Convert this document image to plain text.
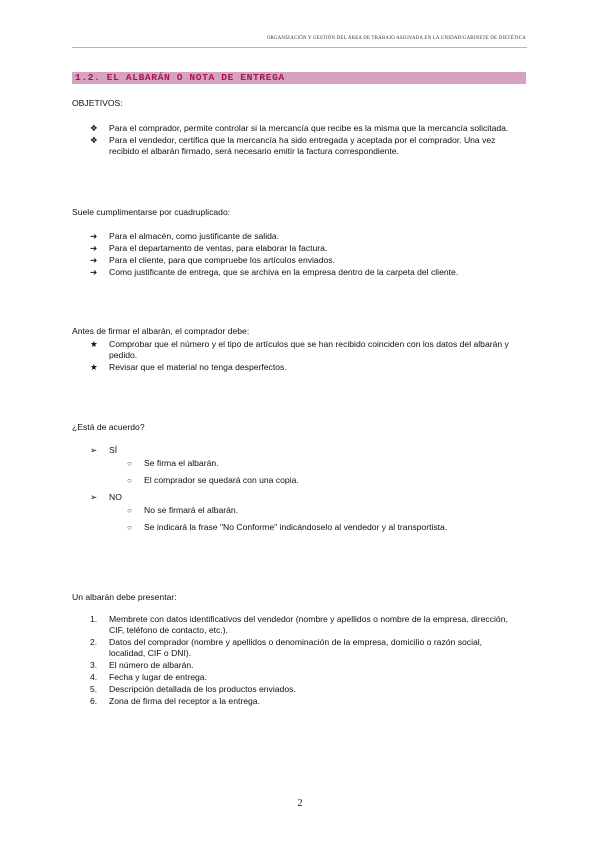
ORGANIZACIÓN Y GESTIÓN DEL ÁREA DE TRABAJO ASIGNADA EN LA UNIDAD/GABINETE DE DIETÉTICA
1.2. EL ALBARÁN O NOTA DE ENTREGA
OBJETIVOS:
❖	Para el comprador, permite controlar si la mercancía que recibe es la misma que la mercancía solicitada.
❖	Para el vendedor, certifica que la mercancía ha sido entregada y aceptada por el comprador. Una vez recibido el albarán firmado, será necesario emitir la factura correspondiente.
Suele cumplimentarse por cuadruplicado:
➔	Para el almacén, como justificante de salida.
➔	Para el departamento de ventas, para elaborar la factura.
➔	Para el cliente, para que compruebe los artículos enviados.
➔	Como justificante de entrega, que se archiva en la empresa dentro de la carpeta del cliente.
Antes de firmar el albarán, el comprador debe:
★	Comprobar que el número y el tipo de artículos que se han recibido coinciden con los datos del albarán y pedido.
★	Revisar que el material no tenga desperfectos.
¿Está de acuerdo?
➢	SÍ
○	Se firma el albarán.
○	El comprador se quedará con una copia.
➢	NO
○	No se firmará el albarán.
○	Se indicará la frase "No Conforme" indicándoselo al vendedor y al transportista.
Un albarán debe presentar:
1.	Membrete con datos identificativos del vendedor (nombre y apellidos o nombre de la empresa, dirección, CIF, teléfono de contacto, etc.).
2.	Datos del comprador (nombre y apellidos o denominación de la empresa, domicilio o razón social, localidad, CIF o DNI).
3.	El número de albarán.
4.	Fecha y lugar de entrega.
5.	Descripción detallada de los productos enviados.
6.	Zona de firma del receptor a la entrega.
2
